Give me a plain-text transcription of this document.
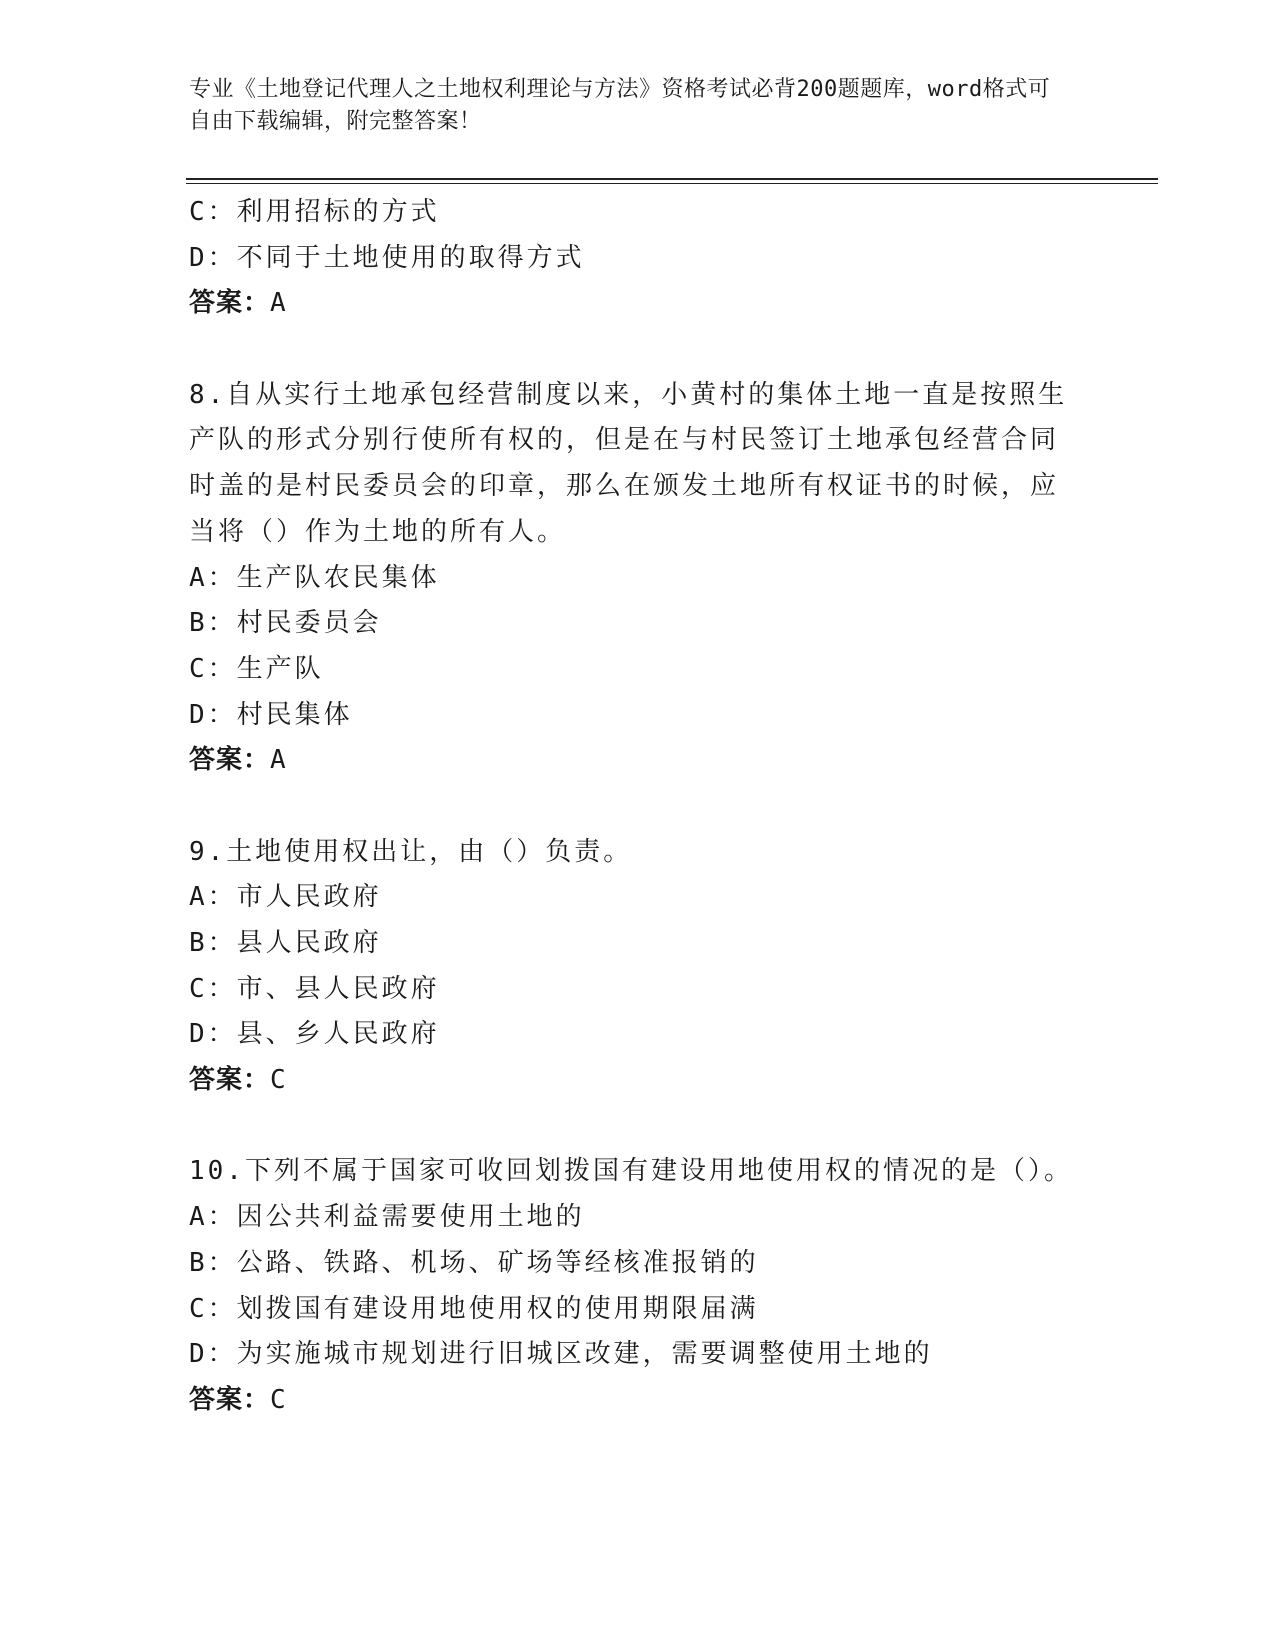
专业《土地登记代理人之土地权利理论与方法》资格考试必背200题题库，word格式可自由下载编辑，附完整答案！
C：利用招标的方式
D：不同于土地使用的取得方式
答案：A
8.自从实行土地承包经营制度以来，小黄村的集体土地一直是按照生
产队的形式分别行使所有权的，但是在与村民签订土地承包经营合同
时盖的是村民委员会的印章，那么在颁发土地所有权证书的时候，应
当将（）作为土地的所有人。
A：生产队农民集体
B：村民委员会
C：生产队
D：村民集体
答案：A
9.土地使用权出让，由（）负责。
A：市人民政府
B：县人民政府
C：市、县人民政府
D：县、乡人民政府
答案：C
10.下列不属于国家可收回划拨国有建设用地使用权的情况的是（）。
A：因公共利益需要使用土地的
B：公路、铁路、机场、矿场等经核准报销的
C：划拨国有建设用地使用权的使用期限届满
D：为实施城市规划进行旧城区改建，需要调整使用土地的
答案：C
